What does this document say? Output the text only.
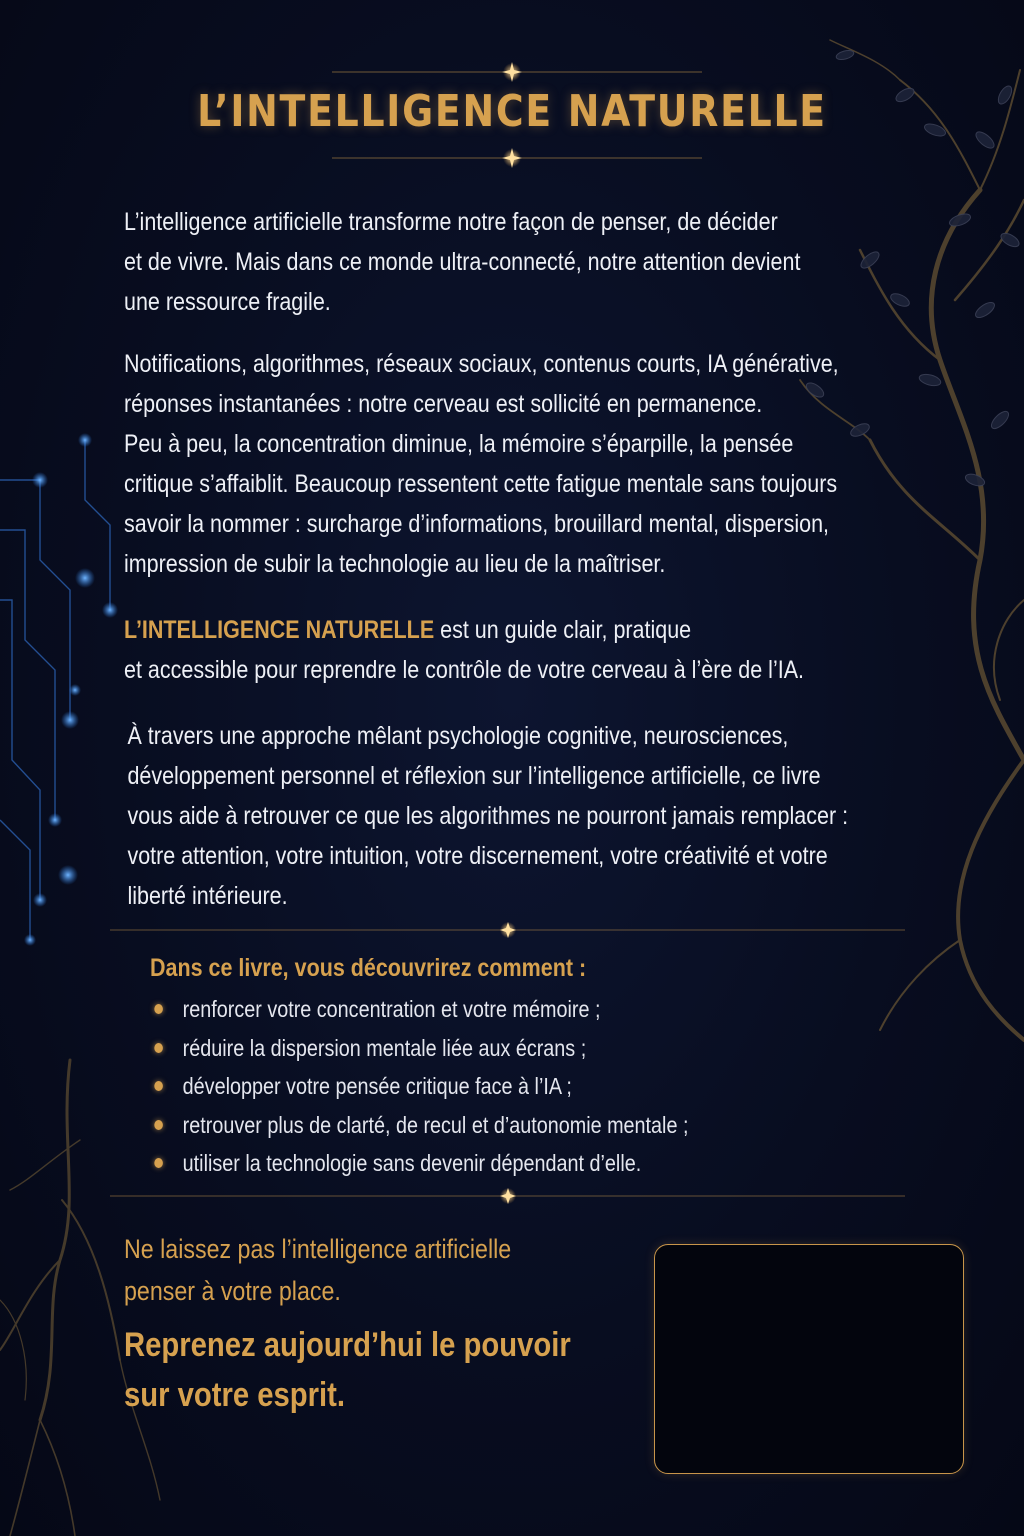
L’INTELLIGENCE NATURELLE

L’intelligence artificielle transforme notre façon de penser, de décider
et de vivre. Mais dans ce monde ultra-connecté, notre attention devient
une ressource fragile.

Notifications, algorithmes, réseaux sociaux, contenus courts, IA générative,
réponses instantanées : notre cerveau est sollicité en permanence.
Peu à peu, la concentration diminue, la mémoire s’éparpille, la pensée
critique s’affaiblit. Beaucoup ressentent cette fatigue mentale sans toujours
savoir la nommer : surcharge d’informations, brouillard mental, dispersion,
impression de subir la technologie au lieu de la maîtriser.

L’INTELLIGENCE NATURELLE est un guide clair, pratique
et accessible pour reprendre le contrôle de votre cerveau à l’ère de l’IA.

À travers une approche mêlant psychologie cognitive, neurosciences,
développement personnel et réflexion sur l’intelligence artificielle, ce livre
vous aide à retrouver ce que les algorithmes ne pourront jamais remplacer :
votre attention, votre intuition, votre discernement, votre créativité et votre
liberté intérieure.

Dans ce livre, vous découvrirez comment :
renforcer votre concentration et votre mémoire ;
réduire la dispersion mentale liée aux écrans ;
développer votre pensée critique face à l’IA ;
retrouver plus de clarté, de recul et d’autonomie mentale ;
utiliser la technologie sans devenir dépendant d’elle.

Ne laissez pas l’intelligence artificielle

penser à votre place.

Reprenez aujourd’hui le pouvoir
sur votre esprit.
